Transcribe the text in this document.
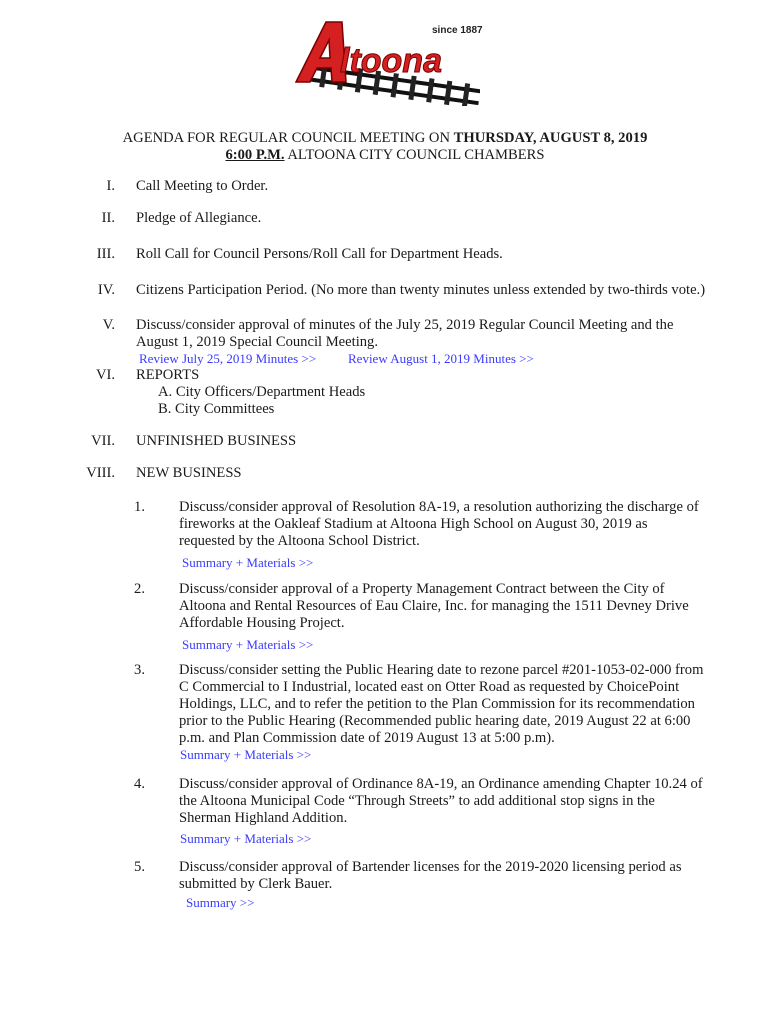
ltoona
since 1887
AGENDA FOR REGULAR COUNCIL MEETING ON THURSDAY, AUGUST 8, 2019
6:00 P.M. ALTOONA CITY COUNCIL CHAMBERS
I. Call Meeting to Order.
II. Pledge of Allegiance.
III. Roll Call for Council Persons/Roll Call for Department Heads.
IV. Citizens Participation Period. (No more than twenty minutes unless extended by two-thirds vote.)
V. Discuss/consider approval of minutes of the July 25, 2019 Regular Council Meeting and the
August 1, 2019 Special Council Meeting.
Review July 25, 2019 Minutes >> Review August 1, 2019 Minutes >>
VI. REPORTS
A. City Officers/Department Heads
B. City Committees
VII. UNFINISHED BUSINESS
VIII. NEW BUSINESS
1. Discuss/consider approval of Resolution 8A-19, a resolution authorizing the discharge of
fireworks at the Oakleaf Stadium at Altoona High School on August 30, 2019 as
requested by the Altoona School District.
Summary + Materials >>
2. Discuss/consider approval of a Property Management Contract between the City of
Altoona and Rental Resources of Eau Claire, Inc. for managing the 1511 Devney Drive
Affordable Housing Project.
Summary + Materials >>
3. Discuss/consider setting the Public Hearing date to rezone parcel #201-1053-02-000 from
C Commercial to I Industrial, located east on Otter Road as requested by ChoicePoint
Holdings, LLC, and to refer the petition to the Plan Commission for its recommendation
prior to the Public Hearing (Recommended public hearing date, 2019 August 22 at 6:00
p.m. and Plan Commission date of 2019 August 13 at 5:00 p.m).
Summary + Materials >>
4. Discuss/consider approval of Ordinance 8A-19, an Ordinance amending Chapter 10.24 of
the Altoona Municipal Code “Through Streets” to add additional stop signs in the
Sherman Highland Addition.
Summary + Materials >>
5. Discuss/consider approval of Bartender licenses for the 2019-2020 licensing period as
submitted by Clerk Bauer.
Summary >>
